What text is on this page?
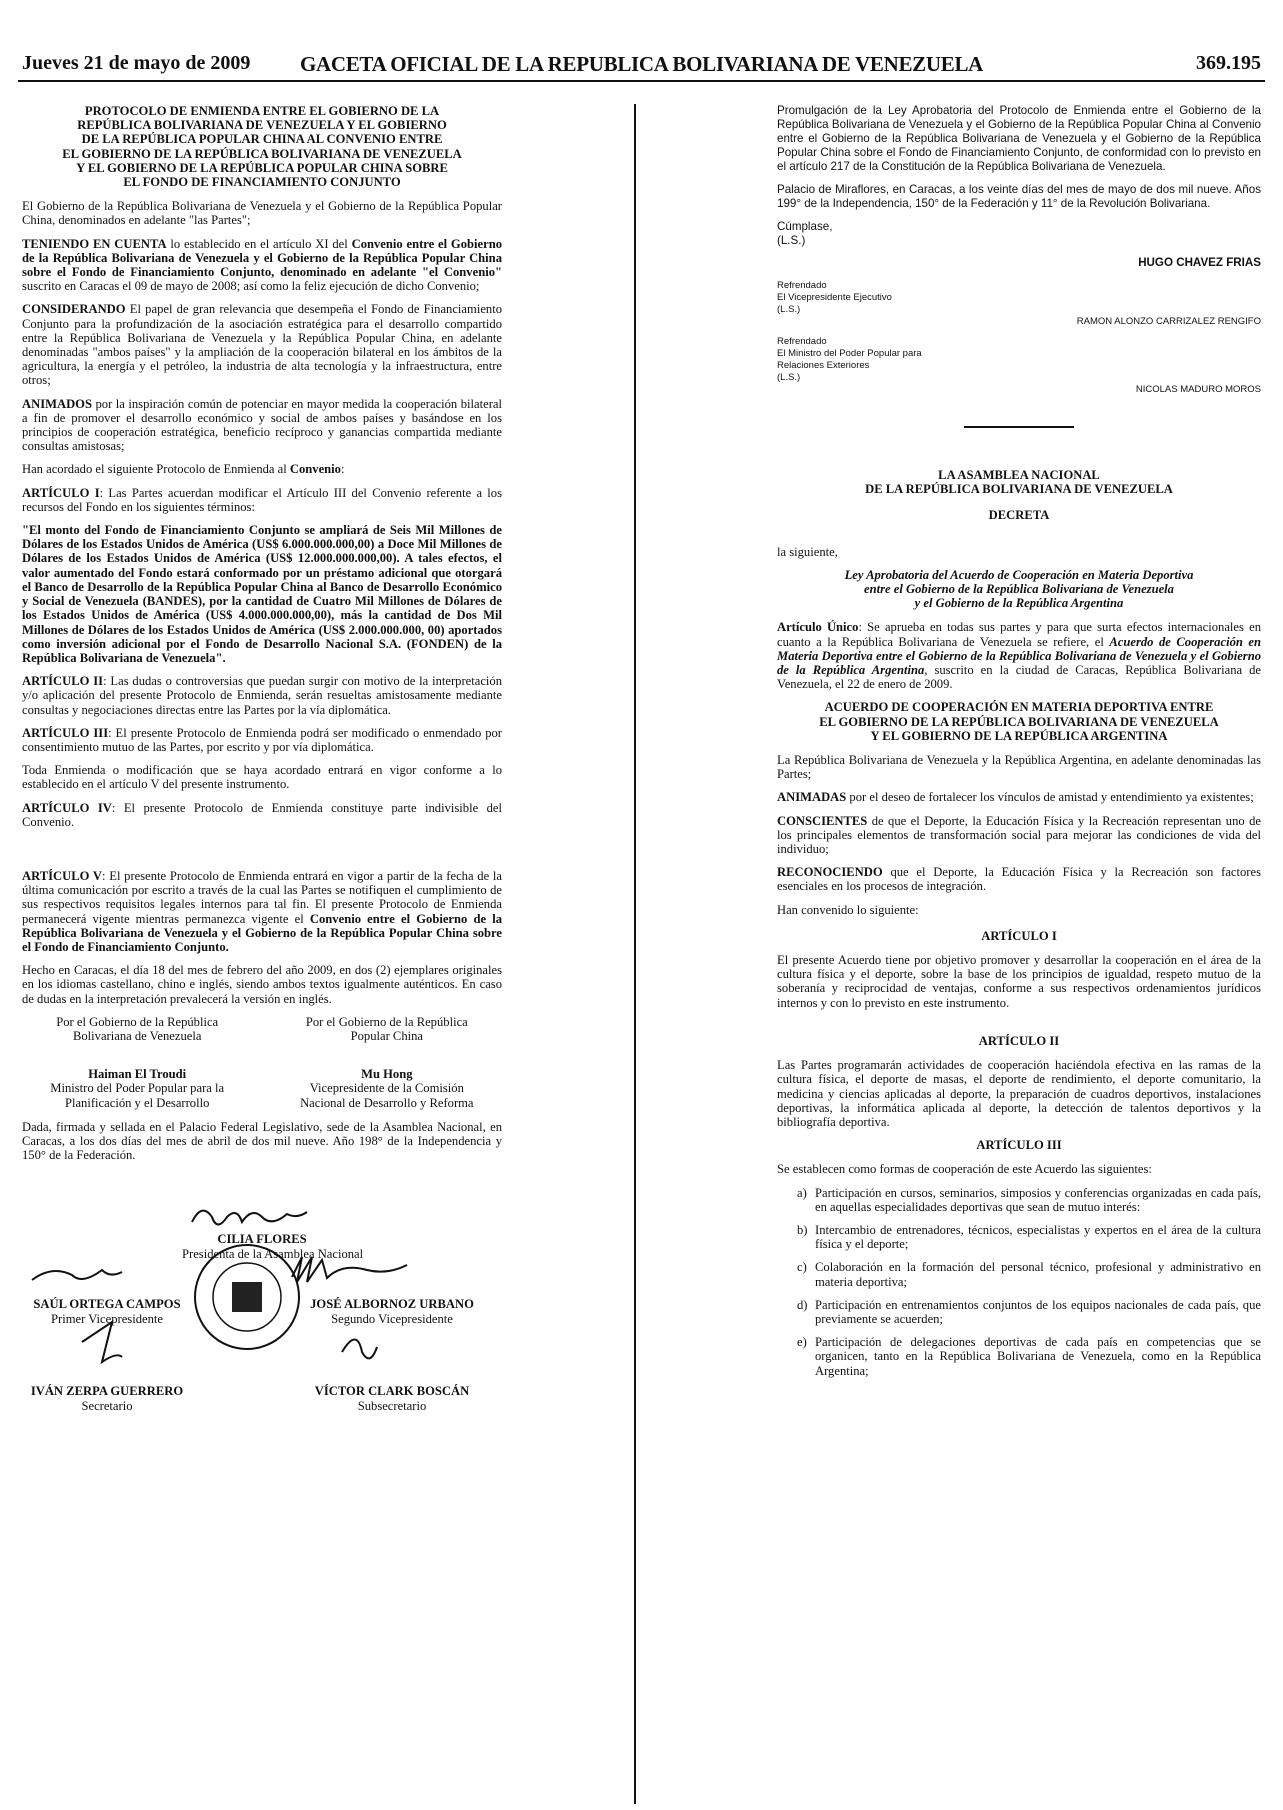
Jueves 21 de mayo de 2009	GACETA OFICIAL DE LA REPUBLICA BOLIVARIANA DE VENEZUELA	369.195
PROTOCOLO DE ENMIENDA ENTRE EL GOBIERNO DE LA
REPÚBLICA BOLIVARIANA DE VENEZUELA Y EL GOBIERNO
DE LA REPÚBLICA POPULAR CHINA AL CONVENIO ENTRE
EL GOBIERNO DE LA REPÚBLICA BOLIVARIANA DE VENEZUELA
Y EL GOBIERNO DE LA REPÚBLICA POPULAR CHINA SOBRE
EL FONDO DE FINANCIAMIENTO CONJUNTO

El Gobierno de la República Bolivariana de Venezuela y el Gobierno de la República Popular China, denominados en adelante "las Partes";

TENIENDO EN CUENTA lo establecido en el artículo XI del Convenio entre el Gobierno de la República Bolivariana de Venezuela y el Gobierno de la República Popular China sobre el Fondo de Financiamiento Conjunto, denominado en adelante "el Convenio" suscrito en Caracas el 09 de mayo de 2008; así como la feliz ejecución de dicho Convenio;

CONSIDERANDO El papel de gran relevancia que desempeña el Fondo de Financiamiento Conjunto para la profundización de la asociación estratégica para el desarrollo compartido entre la República Bolivariana de Venezuela y la República Popular China, en adelante denominadas "ambos países" y la ampliación de la cooperación bilateral en los ámbitos de la agricultura, la energía y el petróleo, la industria de alta tecnología y la infraestructura, entre otros;

ANIMADOS por la inspiración común de potenciar en mayor medida la cooperación bilateral a fin de promover el desarrollo económico y social de ambos países y basándose en los principios de cooperación estratégica, beneficio recíproco y ganancias compartida mediante consultas amistosas;

Han acordado el siguiente Protocolo de Enmienda al Convenio:

ARTÍCULO I: Las Partes acuerdan modificar el Artículo III del Convenio referente a los recursos del Fondo en los siguientes términos:

"El monto del Fondo de Financiamiento Conjunto se ampliará de Seis Mil Millones de Dólares de los Estados Unidos de América (US$ 6.000.000.000,00) a Doce Mil Millones de Dólares de los Estados Unidos de América (US$ 12.000.000.000,00). A tales efectos, el valor aumentado del Fondo estará conformado por un préstamo adicional que otorgará el Banco de Desarrollo de la República Popular China al Banco de Desarrollo Económico y Social de Venezuela (BANDES), por la cantidad de Cuatro Mil Millones de Dólares de los Estados Unidos de América (US$ 4.000.000.000,00), más la cantidad de Dos Mil Millones de Dólares de los Estados Unidos de América (US$ 2.000.000.000, 00) aportados como inversión adicional por el Fondo de Desarrollo Nacional S.A. (FONDEN) de la República Bolivariana de Venezuela".

ARTÍCULO II: Las dudas o controversias que puedan surgir con motivo de la interpretación y/o aplicación del presente Protocolo de Enmienda, serán resueltas amistosamente mediante consultas y negociaciones directas entre las Partes por la vía diplomática.

ARTÍCULO III: El presente Protocolo de Enmienda podrá ser modificado o enmendado por consentimiento mutuo de las Partes, por escrito y por vía diplomática.

Toda Enmienda o modificación que se haya acordado entrará en vigor conforme a lo establecido en el artículo V del presente instrumento.

ARTÍCULO IV: El presente Protocolo de Enmienda constituye parte indivisible del Convenio.

ARTÍCULO V: El presente Protocolo de Enmienda entrará en vigor a partir de la fecha de la última comunicación por escrito a través de la cual las Partes se notifiquen el cumplimiento de sus respectivos requisitos legales internos para tal fin. El presente Protocolo de Enmienda permanecerá vigente mientras permanezca vigente el Convenio entre el Gobierno de la República Bolivariana de Venezuela y el Gobierno de la República Popular China sobre el Fondo de Financiamiento Conjunto.

Hecho en Caracas, el día 18 del mes de febrero del año 2009, en dos (2) ejemplares originales en los idiomas castellano, chino e inglés, siendo ambos textos igualmente auténticos. En caso de dudas en la interpretación prevalecerá la versión en inglés.

Por el Gobierno de la República
Bolivariana de Venezuela
Por el Gobierno de la República
Popular China
Haiman El Troudi
Ministro del Poder Popular para la
Planificación y el Desarrollo
Mu Hong
Vicepresidente de la Comisión
Nacional de Desarrollo y Reforma

Dada, firmada y sellada en el Palacio Federal Legislativo, sede de la Asamblea Nacional, en Caracas, a los dos días del mes de abril de dos mil nueve. Año 198° de la Independencia y 150° de la Federación.

CILIA FLORES
Presidenta de la Asamblea Nacional
SAÚL ORTEGA CAMPOS
Primer Vicepresidente
JOSÉ ALBORNOZ URBANO
Segundo Vicepresidente
IVÁN ZERPA GUERRERO
Secretario
VÍCTOR CLARK BOSCÁN
Subsecretario

Promulgación de la Ley Aprobatoria del Protocolo de Enmienda entre el Gobierno de la República Bolivariana de Venezuela y el Gobierno de la República Popular China al Convenio entre el Gobierno de la República Bolivariana de Venezuela y el Gobierno de la República Popular China sobre el Fondo de Financiamiento Conjunto, de conformidad con lo previsto en el artículo 217 de la Constitución de la República Bolivariana de Venezuela.

Palacio de Miraflores, en Caracas, a los veinte días del mes de mayo de dos mil nueve. Años 199° de la Independencia, 150° de la Federación y 11° de la Revolución Bolivariana.

Cúmplase,
(L.S.)
HUGO CHAVEZ FRIAS
Refrendado
El Vicepresidente Ejecutivo
(L.S.)
RAMON ALONZO CARRIZALEZ RENGIFO
Refrendado
El Ministro del Poder Popular para
Relaciones Exteriores
(L.S.)
NICOLAS MADURO MOROS
LA ASAMBLEA NACIONAL
DE LA REPÚBLICA BOLIVARIANA DE VENEZUELA
DECRETA

la siguiente,

Ley Aprobatoria del Acuerdo de Cooperación en Materia Deportiva
entre el Gobierno de la República Bolivariana de Venezuela
y el Gobierno de la República Argentina

Artículo Único: Se aprueba en todas sus partes y para que surta efectos internacionales en cuanto a la República Bolivariana de Venezuela se refiere, el Acuerdo de Cooperación en Materia Deportiva entre el Gobierno de la República Bolivariana de Venezuela y el Gobierno de la República Argentina, suscrito en la ciudad de Caracas, República Bolivariana de Venezuela, el 22 de enero de 2009.

ACUERDO DE COOPERACIÓN EN MATERIA DEPORTIVA ENTRE
EL GOBIERNO DE LA REPÚBLICA BOLIVARIANA DE VENEZUELA
Y EL GOBIERNO DE LA REPÚBLICA ARGENTINA

La República Bolivariana de Venezuela y la República Argentina, en adelante denominadas las Partes;

ANIMADAS por el deseo de fortalecer los vínculos de amistad y entendimiento ya existentes;

CONSCIENTES de que el Deporte, la Educación Física y la Recreación representan uno de los principales elementos de transformación social para mejorar las condiciones de vida del individuo;

RECONOCIENDO que el Deporte, la Educación Física y la Recreación son factores esenciales en los procesos de integración.

Han convenido lo siguiente:

ARTÍCULO I

El presente Acuerdo tiene por objetivo promover y desarrollar la cooperación en el área de la cultura física y el deporte, sobre la base de los principios de igualdad, respeto mutuo de la soberanía y reciprocidad de ventajas, conforme a sus respectivos ordenamientos jurídicos internos y con lo previsto en este instrumento.

ARTÍCULO II

Las Partes programarán actividades de cooperación haciéndola efectiva en las ramas de la cultura física, el deporte de masas, el deporte de rendimiento, el deporte comunitario, la medicina y ciencias aplicadas al deporte, la preparación de cuadros deportivos, instalaciones deportivas, la informática aplicada al deporte, la detección de talentos deportivos y la bibliografía deportiva.

ARTÍCULO III

Se establecen como formas de cooperación de este Acuerdo las siguientes:

a) Participación en cursos, seminarios, simposios y conferencias organizadas en cada país, en aquellas especialidades deportivas que sean de mutuo interés:
b) Intercambio de entrenadores, técnicos, especialistas y expertos en el área de la cultura física y el deporte;
c) Colaboración en la formación del personal técnico, profesional y administrativo en materia deportiva;
d) Participación en entrenamientos conjuntos de los equipos nacionales de cada país, que previamente se acuerden;
e) Participación de delegaciones deportivas de cada país en competencias que se organicen, tanto en la República Bolivariana de Venezuela, como en la República Argentina;
